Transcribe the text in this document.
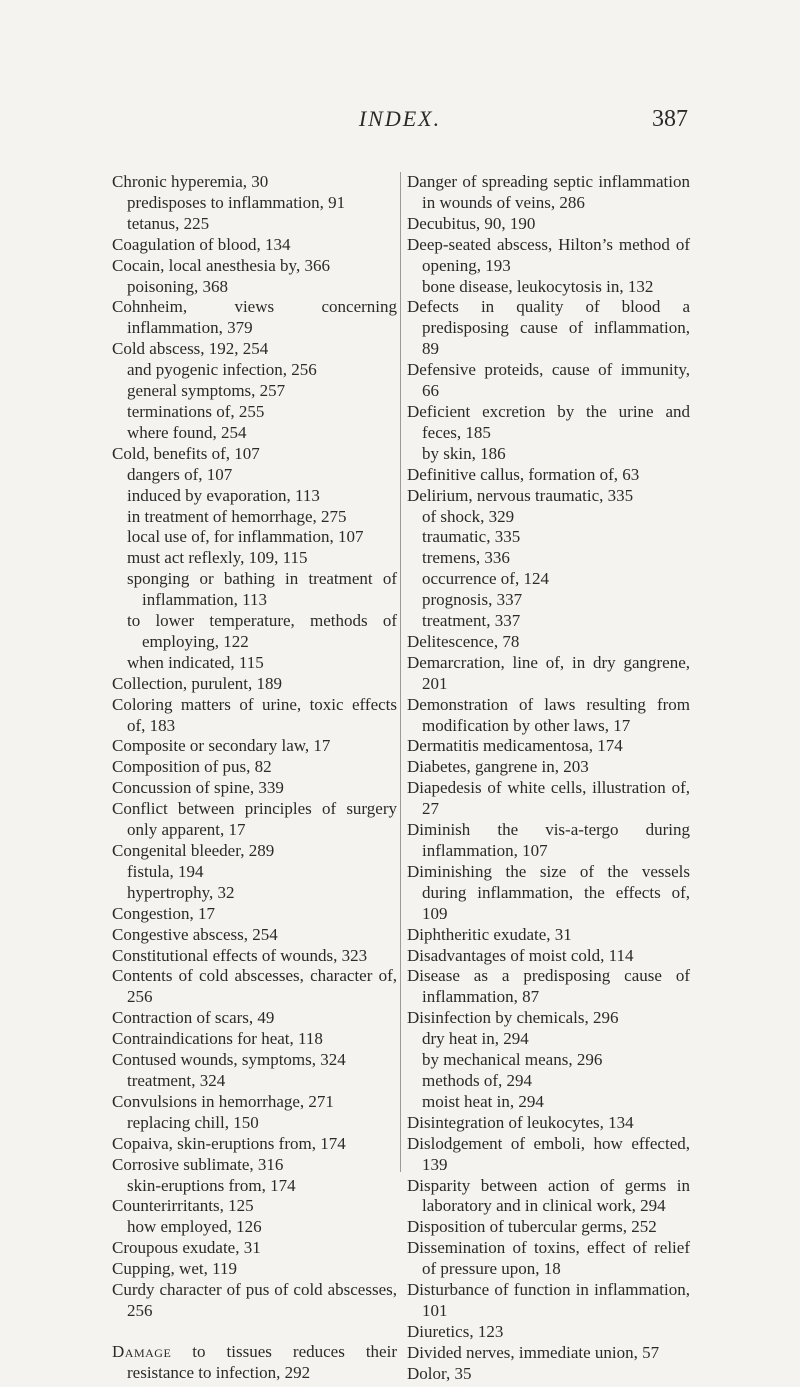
INDEX.	387

Chronic hyperemia, 30

predisposes to inflammation, 91

tetanus, 225

Coagulation of blood, 134

Cocain, local anesthesia by, 366

poisoning, 368

Cohnheim, views concerning inflammation, 379

Cold abscess, 192, 254

and pyogenic infection, 256

general symptoms, 257

terminations of, 255

where found, 254

Cold, benefits of, 107

dangers of, 107

induced by evaporation, 113

in treatment of hemorrhage, 275

local use of, for inflammation, 107

must act reflexly, 109, 115

sponging or bathing in treatment of inflammation, 113

to lower temperature, methods of employing, 122

when indicated, 115

Collection, purulent, 189

Coloring matters of urine, toxic effects of, 183

Composite or secondary law, 17

Composition of pus, 82

Concussion of spine, 339

Conflict between principles of surgery only apparent, 17

Congenital bleeder, 289

fistula, 194

hypertrophy, 32

Congestion, 17

Congestive abscess, 254

Constitutional effects of wounds, 323

Contents of cold abscesses, character of, 256

Contraction of scars, 49

Contraindications for heat, 118

Contused wounds, symptoms, 324

treatment, 324

Convulsions in hemorrhage, 271

replacing chill, 150

Copaiva, skin-eruptions from, 174

Corrosive sublimate, 316

skin-eruptions from, 174

Counterirritants, 125

how employed, 126

Croupous exudate, 31

Cupping, wet, 119

Curdy character of pus of cold abscesses, 256

Damage to tissues reduces their resistance to infection, 292

Danger of spreading septic inflammation in wounds of veins, 286

Decubitus, 90, 190

Deep-seated abscess, Hilton’s method of opening, 193

bone disease, leukocytosis in, 132

Defects in quality of blood a predisposing cause of inflammation, 89

Defensive proteids, cause of immunity, 66

Deficient excretion by the urine and feces, 185

by skin, 186

Definitive callus, formation of, 63

Delirium, nervous traumatic, 335

of shock, 329

traumatic, 335

tremens, 336

occurrence of, 124

prognosis, 337

treatment, 337

Delitescence, 78

Demarcration, line of, in dry gangrene, 201

Demonstration of laws resulting from modification by other laws, 17

Dermatitis medicamentosa, 174

Diabetes, gangrene in, 203

Diapedesis of white cells, illustration of, 27

Diminish the vis-a-tergo during inflammation, 107

Diminishing the size of the vessels during inflammation, the effects of, 109

Diphtheritic exudate, 31

Disadvantages of moist cold, 114

Disease as a predisposing cause of inflammation, 87

Disinfection by chemicals, 296

dry heat in, 294

by mechanical means, 296

methods of, 294

moist heat in, 294

Disintegration of leukocytes, 134

Dislodgement of emboli, how effected, 139

Disparity between action of germs in laboratory and in clinical work, 294

Disposition of tubercular germs, 252

Dissemination of toxins, effect of relief of pressure upon, 18

Disturbance of function in inflammation, 101

Diuretics, 123

Divided nerves, immediate union, 57

Dolor, 35
